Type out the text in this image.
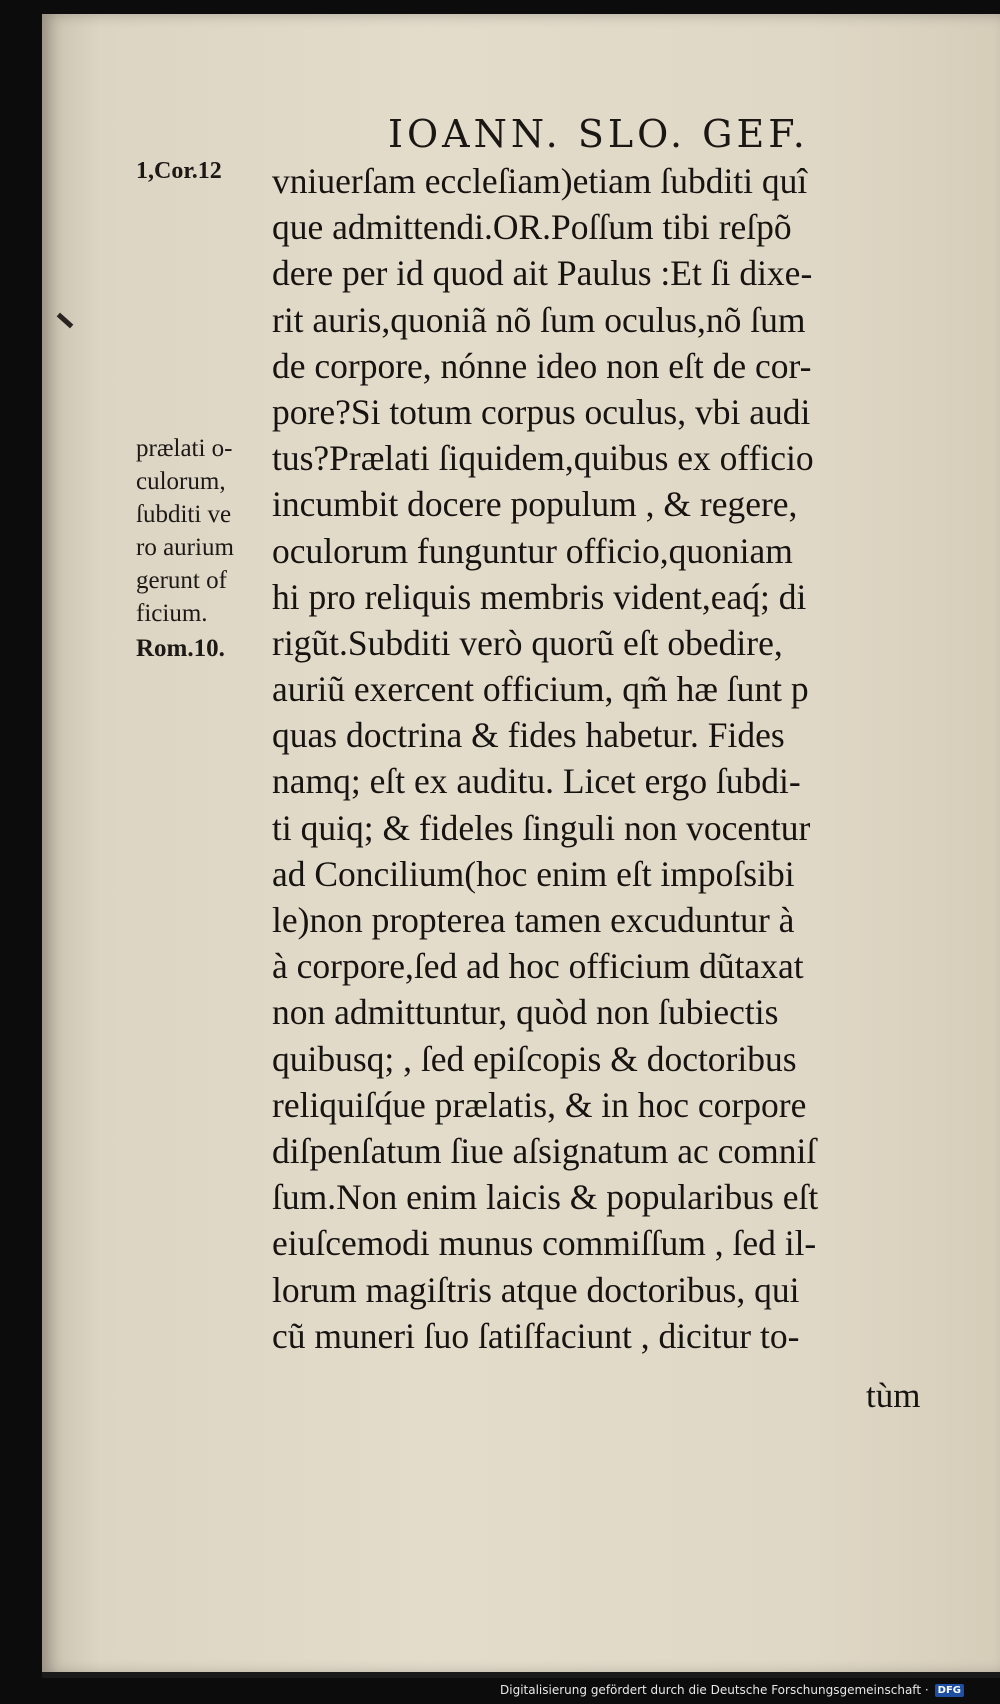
IOANN. SLO. GEF.
1,Cor.12
prælati o-
culorum,
ſubditi ve
ro aurium
gerunt of
ficium.
Rom.10.
vniuerſam eccleſiam)etiam ſubditi quî
que admittendi.OR.Poſſum tibi reſpõ
dere per id quod ait Paulus :Et ſi dixe-
rit auris,quoniã nõ ſum oculus,nõ ſum
de corpore, nónne ideo non eſt de cor-
pore?Si totum corpus oculus, vbi audi
tus?Prælati ſiquidem,quibus ex officio
incumbit docere populum , & regere,
oculorum funguntur officio,quoniam
hi pro reliquis membris vident,eaq́; di
rigũt.Subditi verò quorũ eſt obedire,
auriũ exercent officium, qm̃ hæ ſunt p
quas doctrina & fides habetur. Fides
namq; eſt ex auditu. Licet ergo ſubdi-
ti quiq; & fideles ſinguli non vocentur
ad Concilium(hoc enim eſt impoſsibi
le)non propterea tamen excuduntur à
à corpore,ſed ad hoc officium dũtaxat
non admittuntur, quòd non ſubiectis
quibusq; , ſed epiſcopis & doctoribus
reliquiſq́ue prælatis, & in hoc corpore
diſpenſatum ſiue aſsignatum ac comniſ
ſum.Non enim laicis & popularibus eſt
eiuſcemodi munus commiſſum , ſed il-
lorum magiſtris atque doctoribus, qui
cũ muneri ſuo ſatiſfaciunt , dicitur to-
tùm
Digitalisierung gefördert durch die Deutsche Forschungsgemeinschaft · DFG
